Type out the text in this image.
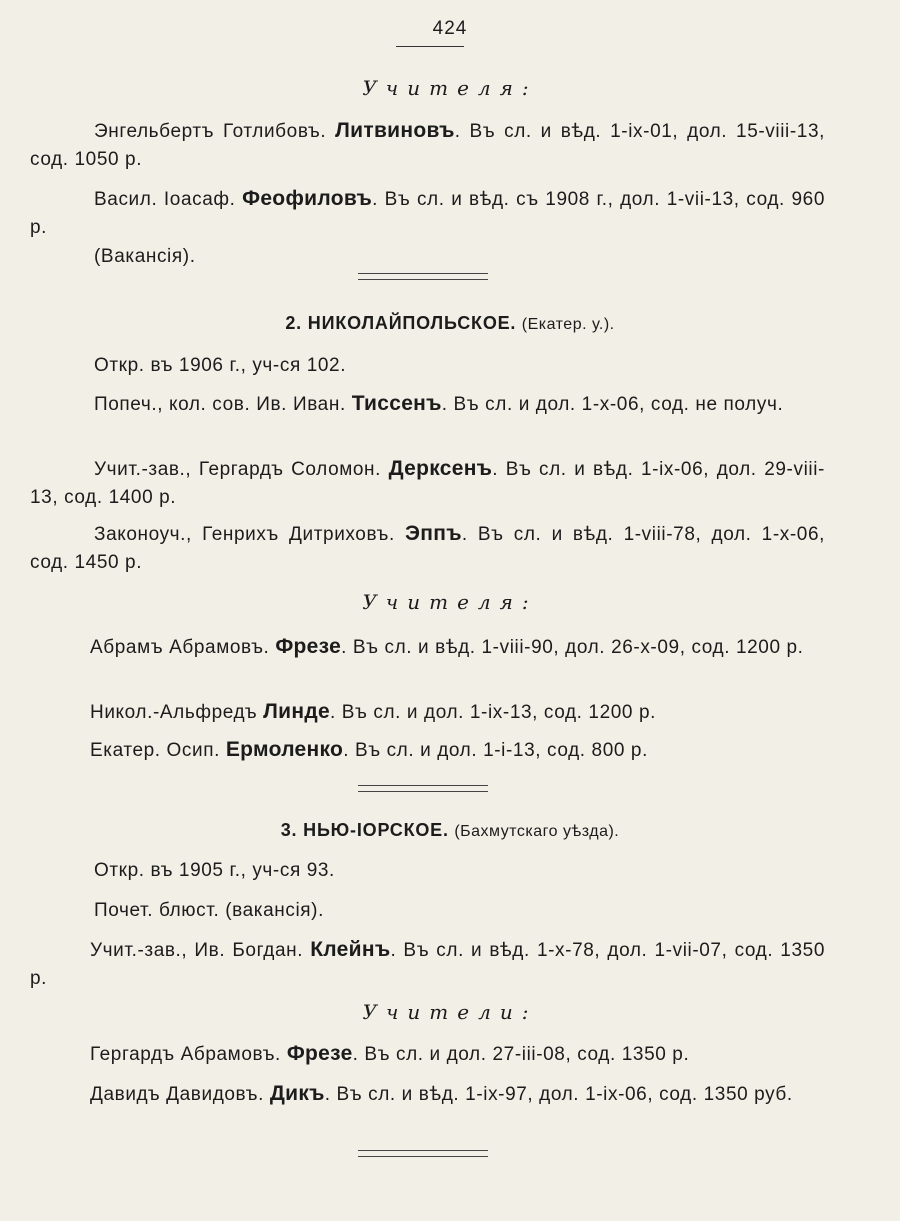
424
Учителя:
Энгельбертъ Готлибовъ. Литвиновъ. Въ сл. и вѣд. 1-ix-01, дол. 15-viii-13, сод. 1050 р.
Васил. Іоасаф. Феофиловъ. Въ сл. и вѣд. съ 1908 г., дол. 1-vii-13, сод. 960 р.
(Вакансія).
2. НИКОЛАЙПОЛЬСКОЕ. (Екатер. у.).
Откр. въ 1906 г., уч-ся 102.
Попеч., кол. сов. Ив. Иван. Тиссенъ. Въ сл. и дол. 1-x-06, сод. не получ.
Учит.-зав., Гергардъ Соломон. Дерксенъ. Въ сл. и вѣд. 1-ix-06, дол. 29-viii-13, сод. 1400 р.
Законоуч., Генрихъ Дитриховъ. Эппъ. Въ сл. и вѣд. 1-viii-78, дол. 1-x-06, сод. 1450 р.
Учителя:
Абрамъ Абрамовъ. Фрезе. Въ сл. и вѣд. 1-viii-90, дол. 26-x-09, сод. 1200 р.
Никол.-Альфредъ Линде. Въ сл. и дол. 1-ix-13, сод. 1200 р.
Екатер. Осип. Ермоленко. Въ сл. и дол. 1-i-13, сод. 800 р.
3. НЬЮ-ІОРСКОЕ. (Бахмутскаго уѣзда).
Откр. въ 1905 г., уч-ся 93.
Почет. блюст. (вакансія).
Учит.-зав., Ив. Богдан. Клейнъ. Въ сл. и вѣд. 1-x-78, дол. 1-vii-07, сод. 1350 р.
Учители:
Гергардъ Абрамовъ. Фрезе. Въ сл. и дол. 27-iii-08, сод. 1350 р.
Давидъ Давидовъ. Дикъ. Въ сл. и вѣд. 1-ix-97, дол. 1-ix-06, сод. 1350 руб.
